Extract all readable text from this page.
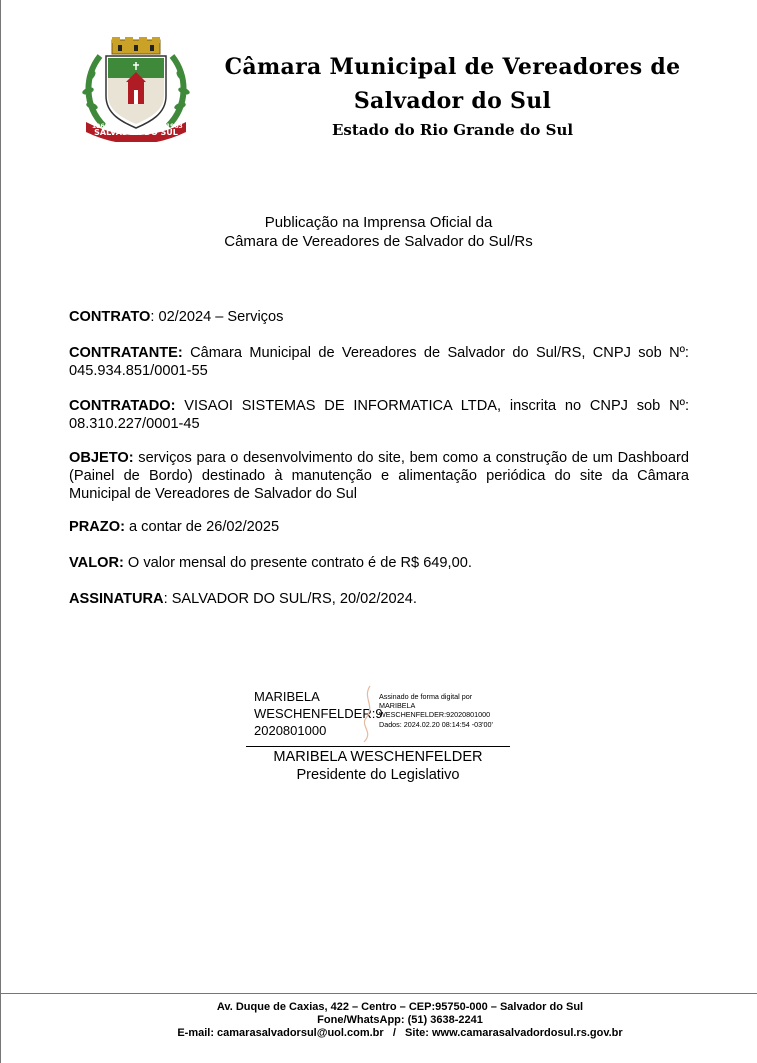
SALVADOR DO SUL
1961	1963
Câmara Municipal de Vereadores de
Salvador do Sul
Estado do Rio Grande do Sul
Publicação na Imprensa Oficial da
Câmara de Vereadores de Salvador do Sul/Rs
CONTRATO: 02/2024 – Serviços
CONTRATANTE: Câmara Municipal de Vereadores de Salvador do Sul/RS, CNPJ sob Nº: 045.934.851/0001-55
CONTRATADO: VISAOI SISTEMAS DE INFORMATICA LTDA, inscrita no CNPJ sob Nº: 08.310.227/0001-45
OBJETO: serviços para o desenvolvimento do site, bem como a construção de um Dashboard (Painel de Bordo) destinado à manutenção e alimentação periódica do site da Câmara Municipal de Vereadores de Salvador do Sul
PRAZO: a contar de 26/02/2025
VALOR: O valor mensal do presente contrato é de R$ 649,00.
ASSINATURA: SALVADOR DO SUL/RS, 20/02/2024.
MARIBELA
WESCHENFELDER:9
2020801000
Assinado de forma digital por
MARIBELA
WESCHENFELDER:92020801000
Dados: 2024.02.20 08:14:54 -03'00'
MARIBELA WESCHENFELDER
Presidente do Legislativo
Av. Duque de Caxias, 422 – Centro – CEP:95750-000 – Salvador do Sul
Fone/WhatsApp: (51) 3638-2241
E-mail: camarasalvadorsul@uol.com.br   /   Site: www.camarasalvadordosul.rs.gov.br
